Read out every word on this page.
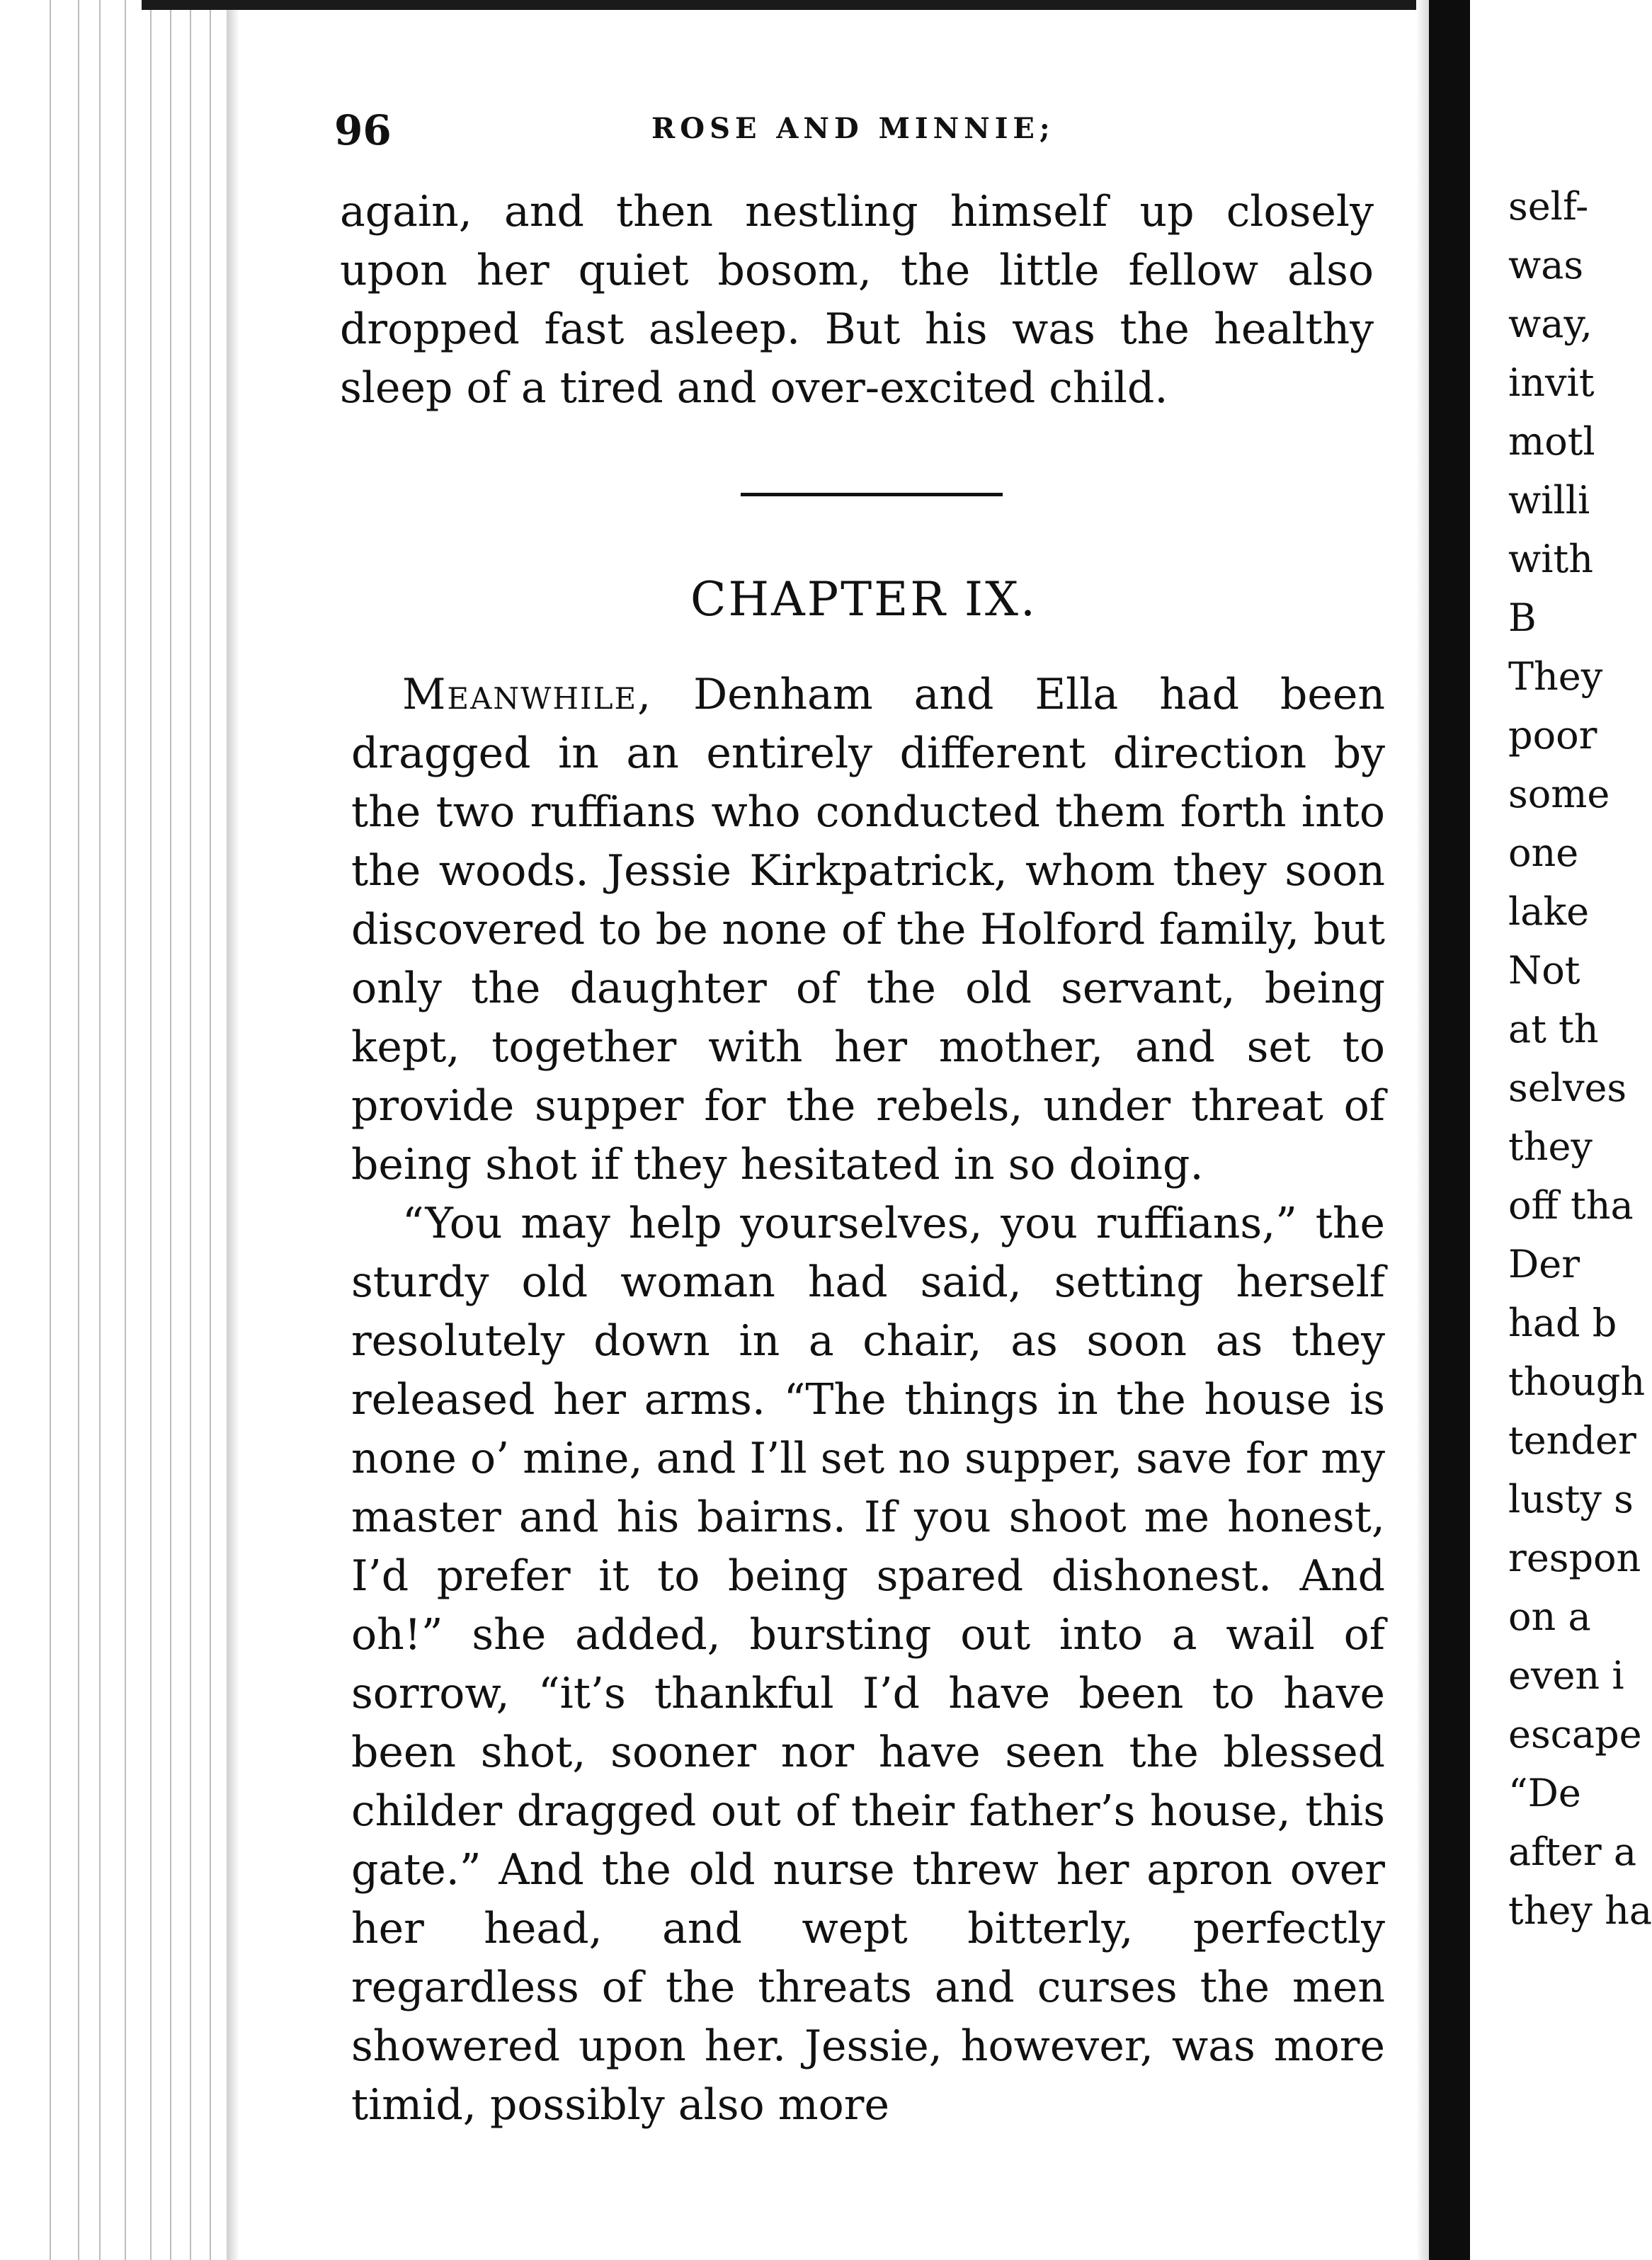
96	ROSE AND MINNIE;

again, and then nestling himself up closely upon her quiet bosom, the little fellow also dropped fast asleep. But his was the healthy sleep of a tired and over-excited child.

CHAPTER IX.

Meanwhile, Denham and Ella had been dragged in an entirely different direction by the two ruffians who conducted them forth into the woods. Jessie Kirkpatrick, whom they soon discovered to be none of the Holford family, but only the daughter of the old servant, being kept, together with her mother, and set to provide supper for the rebels, under threat of being shot if they hesitated in so doing.

“You may help yourselves, you ruffians,” the sturdy old woman had said, setting herself resolutely down in a chair, as soon as they released her arms. “The things in the house is none o’ mine, and I’ll set no supper, save for my master and his bairns. If you shoot me honest, I’d prefer it to being spared dishonest. And oh!” she added, bursting out into a wail of sorrow, “it’s thankful I’d have been to have been shot, sooner nor have seen the blessed childer dragged out of their father’s house, this gate.” And the old nurse threw her apron over her head, and wept bitterly, perfectly regardless of the threats and curses the men showered upon her. Jessie, however, was more timid, possibly also more

self-
was
way,
invit
motl
willi
with
B
They
poor
some
one
lake
Not
at th
selves
they
off tha
Der
had b
though
tender
lusty s
respon
on a
even i
escape
“De
after a
they ha
